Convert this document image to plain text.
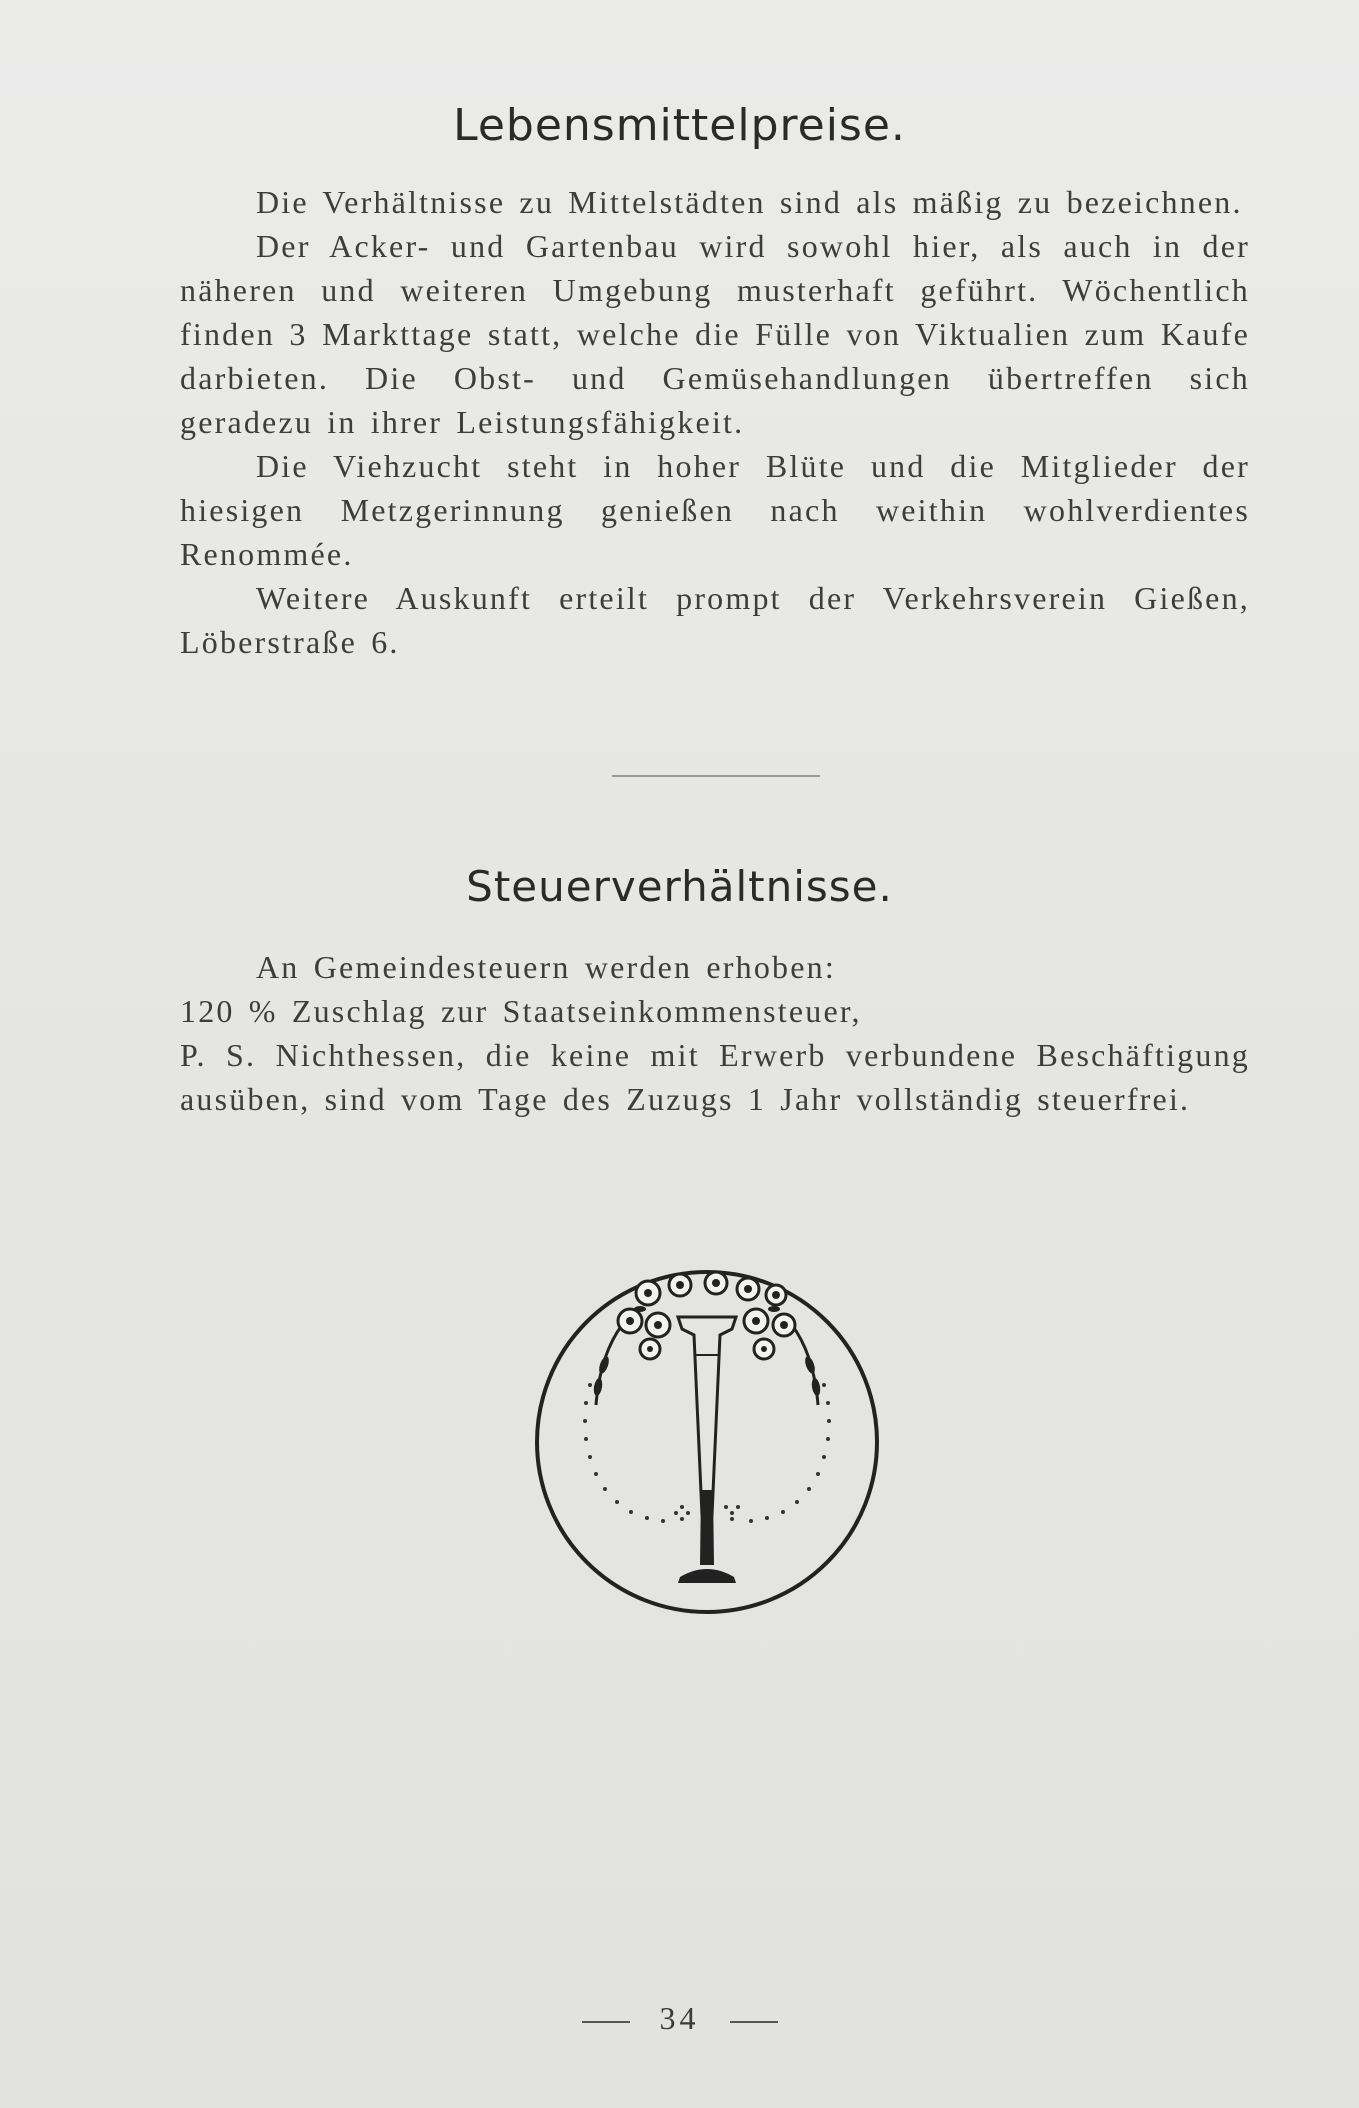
Lebensmittelpreise.

Die Verhältnisse zu Mittelstädten sind als mäßig zu bezeichnen.

Der Acker- und Gartenbau wird sowohl hier, als auch in der näheren und weiteren Umgebung musterhaft geführt. Wöchentlich finden 3 Markttage statt, welche die Fülle von Viktualien zum Kaufe darbieten. Die Obst- und Gemüsehandlungen übertreffen sich geradezu in ihrer Leistungsfähigkeit.

Die Viehzucht steht in hoher Blüte und die Mitglieder der hiesigen Metzgerinnung genießen nach weithin wohlverdientes Renommée.

Weitere Auskunft erteilt prompt der Verkehrsverein Gießen, Löberstraße 6.

Steuerverhältnisse.

An Gemeindesteuern werden erhoben:

120 % Zuschlag zur Staatseinkommensteuer,

P. S. Nichthessen, die keine mit Erwerb verbundene Beschäftigung ausüben, sind vom Tage des Zuzugs 1 Jahr vollständig steuerfrei.

34
